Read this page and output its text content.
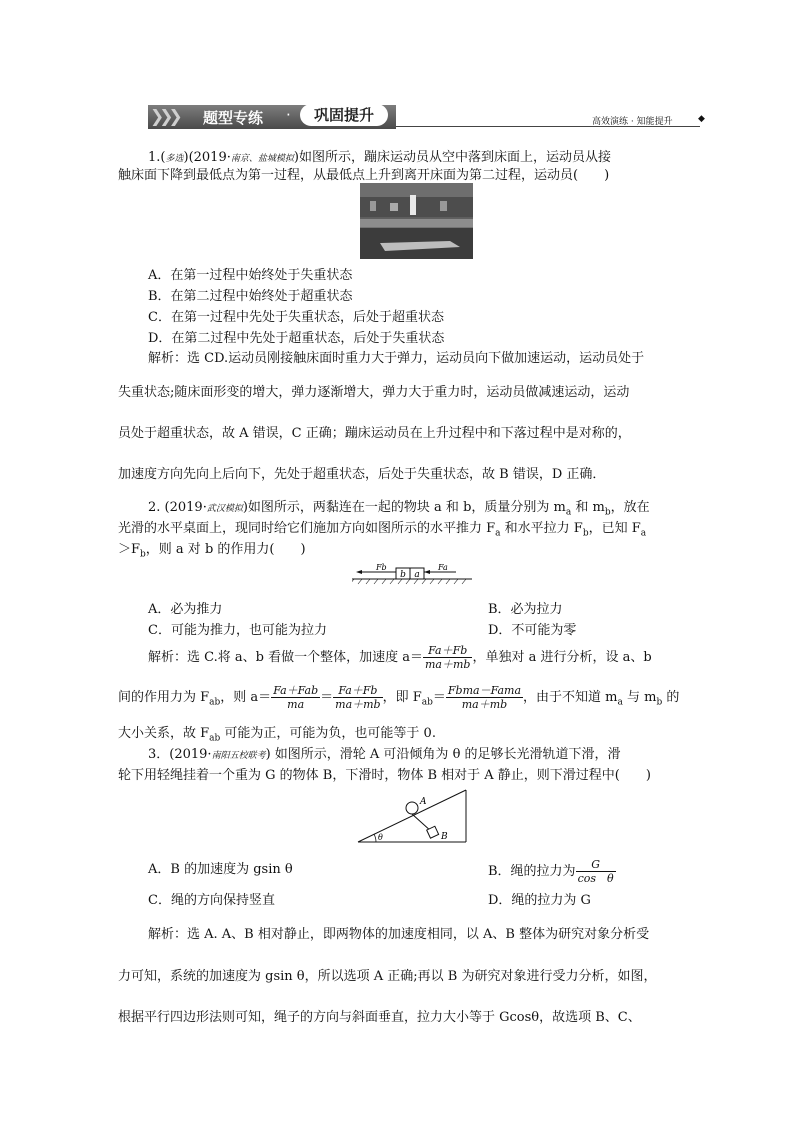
❯❯❯ 题型专练 ·	巩固提升	高效演练 · 知能提升	◆
1.(多选)(2019·南京、盐城模拟)如图所示，蹦床运动员从空中落到床面上，运动员从接
触床面下降到最低点为第一过程，从最低点上升到离开床面为第二过程，运动员(　　)
A．在第一过程中始终处于失重状态
B．在第二过程中始终处于超重状态
C．在第一过程中先处于失重状态，后处于超重状态
D．在第二过程中先处于超重状态，后处于失重状态
解析：选 CD.运动员刚接触床面时重力大于弹力，运动员向下做加速运动，运动员处于
失重状态;随床面形变的增大，弹力逐渐增大，弹力大于重力时，运动员做减速运动，运动
员处于超重状态，故 A 错误，C 正确；蹦床运动员在上升过程中和下落过程中是对称的，
加速度方向先向上后向下，先处于超重状态，后处于失重状态，故 B 错误，D 正确．
2. (2019·武汉模拟)如图所示，两黏连在一起的物块 a 和 b，质量分别为 $m_a$ 和 $m_b$，放在
光滑的水平桌面上，现同时给它们施加方向如图所示的水平推力 $F_a$ 和水平拉力 $F_b$，已知 $F_a$
$>F_b$，则 a 对 b 的作用力(　　)
b a
Fb	Fa
A．必为推力	B．必为拉力
C．可能为推力，也可能为拉力	D．不可能为零
解析：选 C.将 a、b 看做一个整体，加速度 $a= \frac{Fa+Fb}{ma+mb}$ ，单独对 a 进行分析，设 a、b
间的作用力为 $F_{ab}$，则 $a= \frac{\text{Fa＋Fab}}{ma} = \frac{Fa+Fb}{ma+mb}$ ，即 $F_{ab}= \frac{\text{Fbma－Fama}}{ma+mb}$ ，由于不知道 $m_a$ 与 $m_b$ 的
大小关系，故 $F_{ab}$ 可能为正，可能为负，也可能等于 0.
3．(2019·南阳五校联考) 如图所示，滑轮 A 可沿倾角为 θ 的足够长光滑轨道下滑，滑
轮下用轻绳挂着一个重为 G 的物体 B，下滑时，物体 B 相对于 A 静止，则下滑过程中(　　)
θ
A
B
A．B 的加速度为 gsin θ	B．绳的拉力为 $\frac{G}{\text{cos　θ}}$
C．绳的方向保持竖直	D．绳的拉力为 G
解析：选 A. A、B 相对静止，即两物体的加速度相同，以 A、B 整体为研究对象分析受
力可知，系统的加速度为 gsin θ，所以选项 A 正确;再以 B 为研究对象进行受力分析，如图，
根据平行四边形法则可知，绳子的方向与斜面垂直，拉力大小等于 Gcosθ，故选项 B、C、
